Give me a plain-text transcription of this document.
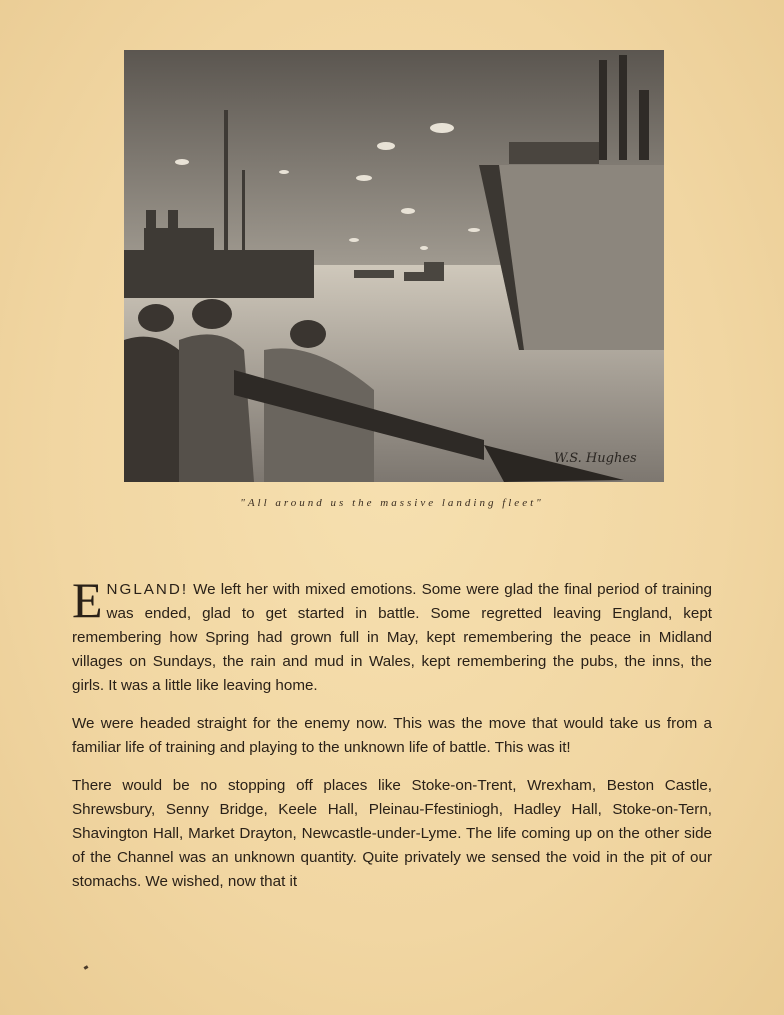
W.S. Hughes
"All around us the massive landing fleet"

ENGLAND! We left her with mixed emotions. Some were glad the final period of training was ended, glad to get started in battle. Some regretted leaving England, kept remembering how Spring had grown full in May, kept remembering the peace in Midland villages on Sundays, the rain and mud in Wales, kept remembering the pubs, the inns, the girls. It was a little like leaving home.

We were headed straight for the enemy now. This was the move that would take us from a familiar life of training and playing to the unknown life of battle. This was it!

There would be no stopping off places like Stoke-on-Trent, Wrexham, Beston Castle, Shrewsbury, Senny Bridge, Keele Hall, Pleinau-Ffestiniogh, Hadley Hall, Stoke-on-Tern, Shavington Hall, Market Drayton, Newcastle-under-Lyme. The life coming up on the other side of the Channel was an unknown quantity. Quite privately we sensed the void in the pit of our stomachs. We wished, now that it
